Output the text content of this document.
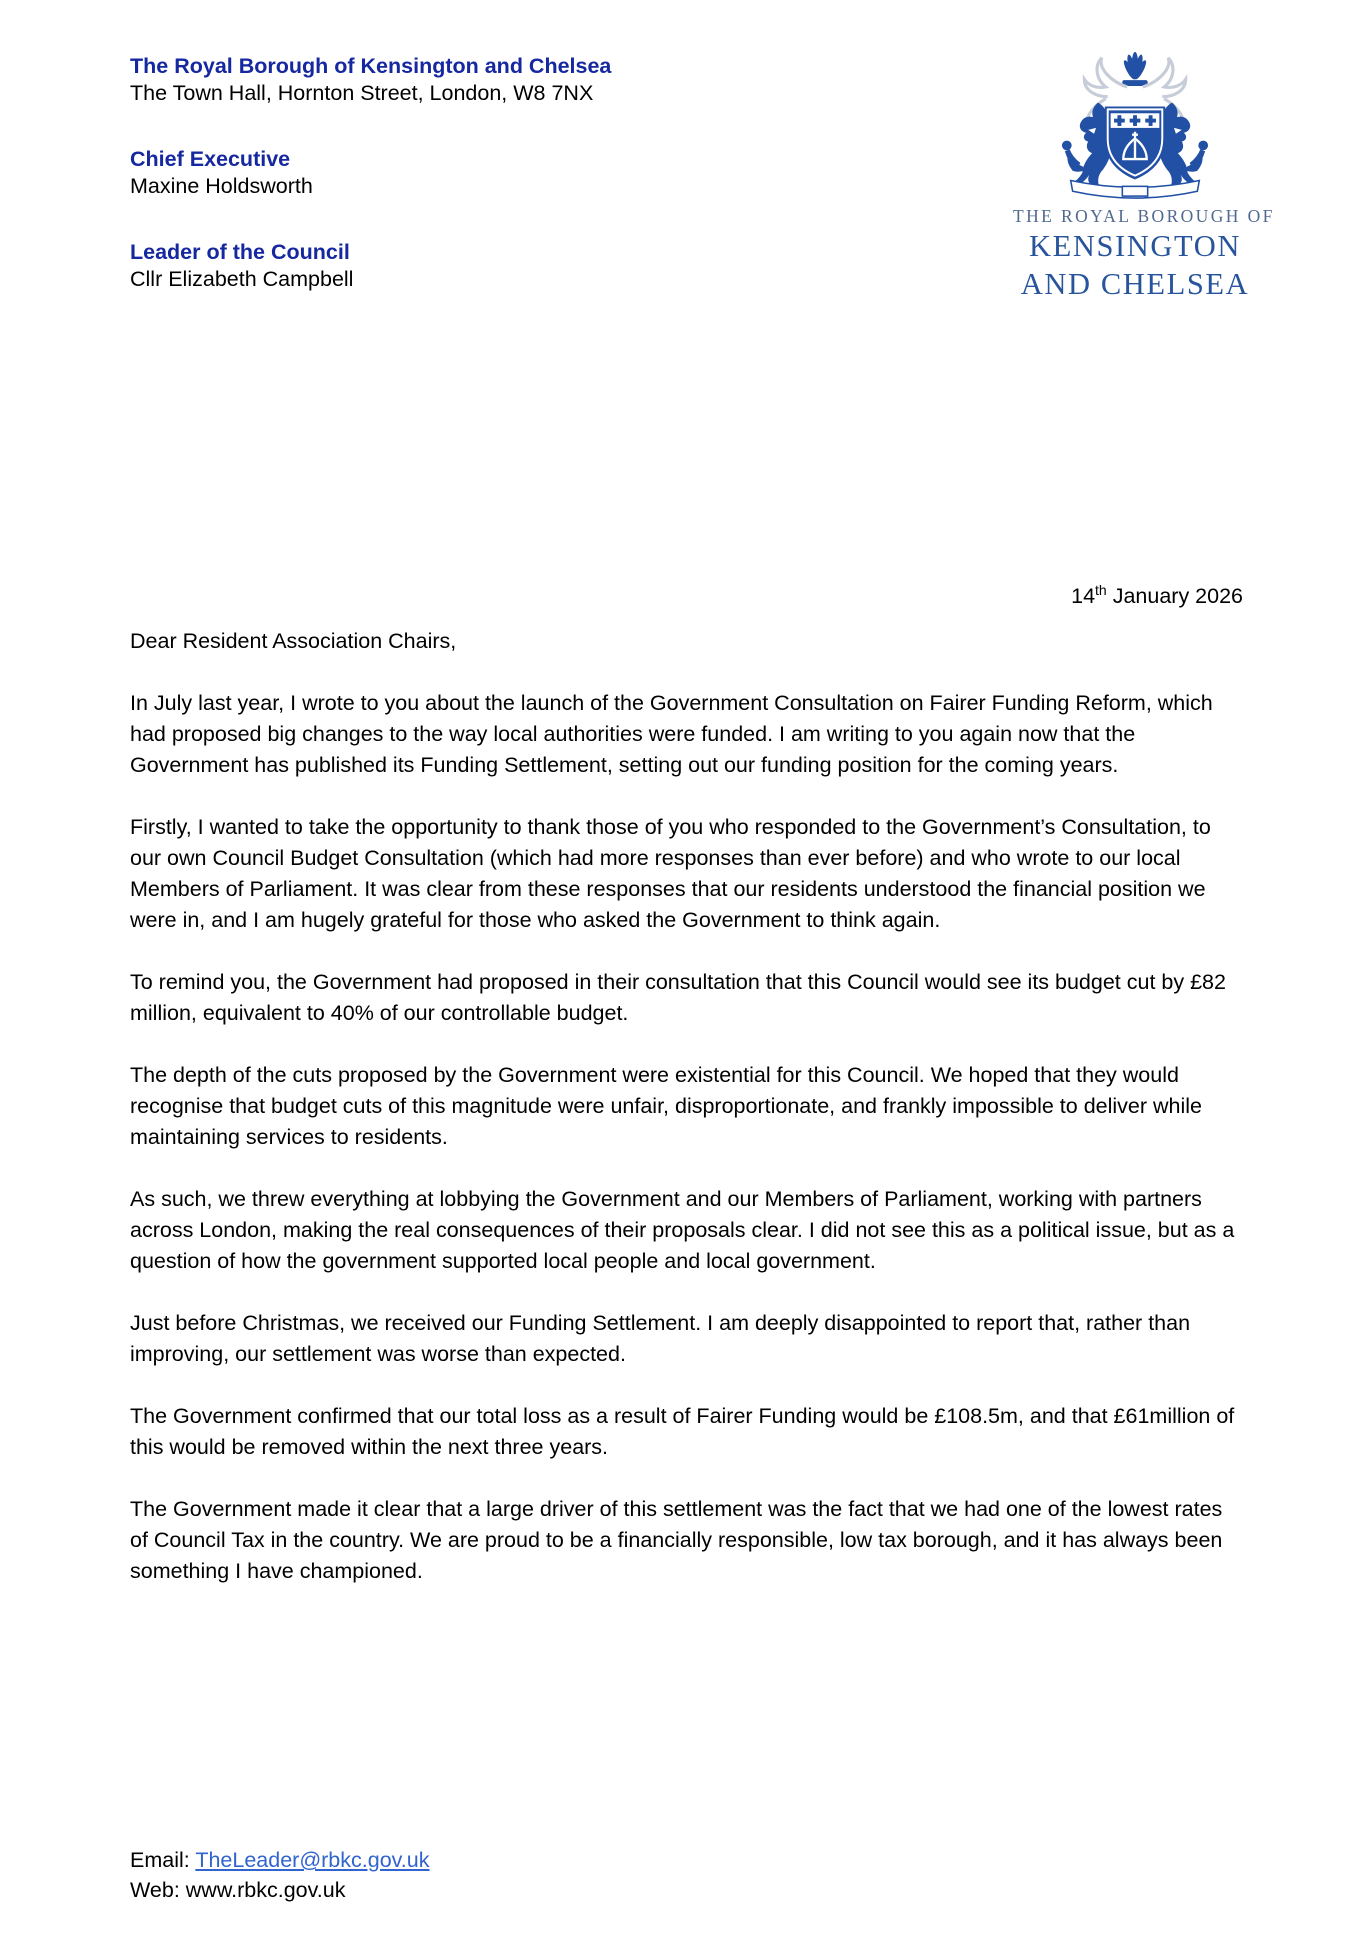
The Royal Borough of Kensington and Chelsea
The Town Hall, Hornton Street, London, W8 7NX
Chief Executive
Maxine Holdsworth
Leader of the Council
Cllr Elizabeth Campbell
THE ROYAL BOROUGH OF
KENSINGTON
AND CHELSEA
14th January 2026
Dear Resident Association Chairs,

In July last year, I wrote to you about the launch of the Government Consultation on Fairer Funding Reform, which had proposed big changes to the way local authorities were funded. I am writing to you again now that the Government has published its Funding Settlement, setting out our funding position for the coming years.

Firstly, I wanted to take the opportunity to thank those of you who responded to the Government’s Consultation, to our own Council Budget Consultation (which had more responses than ever before) and who wrote to our local Members of Parliament. It was clear from these responses that our residents understood the financial position we were in, and I am hugely grateful for those who asked the Government to think again.

To remind you, the Government had proposed in their consultation that this Council would see its budget cut by £82 million, equivalent to 40% of our controllable budget.

The depth of the cuts proposed by the Government were existential for this Council. We hoped that they would recognise that budget cuts of this magnitude were unfair, disproportionate, and frankly impossible to deliver while maintaining services to residents.

As such, we threw everything at lobbying the Government and our Members of Parliament, working with partners across London, making the real consequences of their proposals clear. I did not see this as a political issue, but as a question of how the government supported local people and local government.

Just before Christmas, we received our Funding Settlement. I am deeply disappointed to report that, rather than improving, our settlement was worse than expected.

The Government confirmed that our total loss as a result of Fairer Funding would be £108.5m, and that £61million of this would be removed within the next three years.

The Government made it clear that a large driver of this settlement was the fact that we had one of the lowest rates of Council Tax in the country. We are proud to be a financially responsible, low tax borough, and it has always been something I have championed.

Email: TheLeader@rbkc.gov.uk
Web: www.rbkc.gov.uk
